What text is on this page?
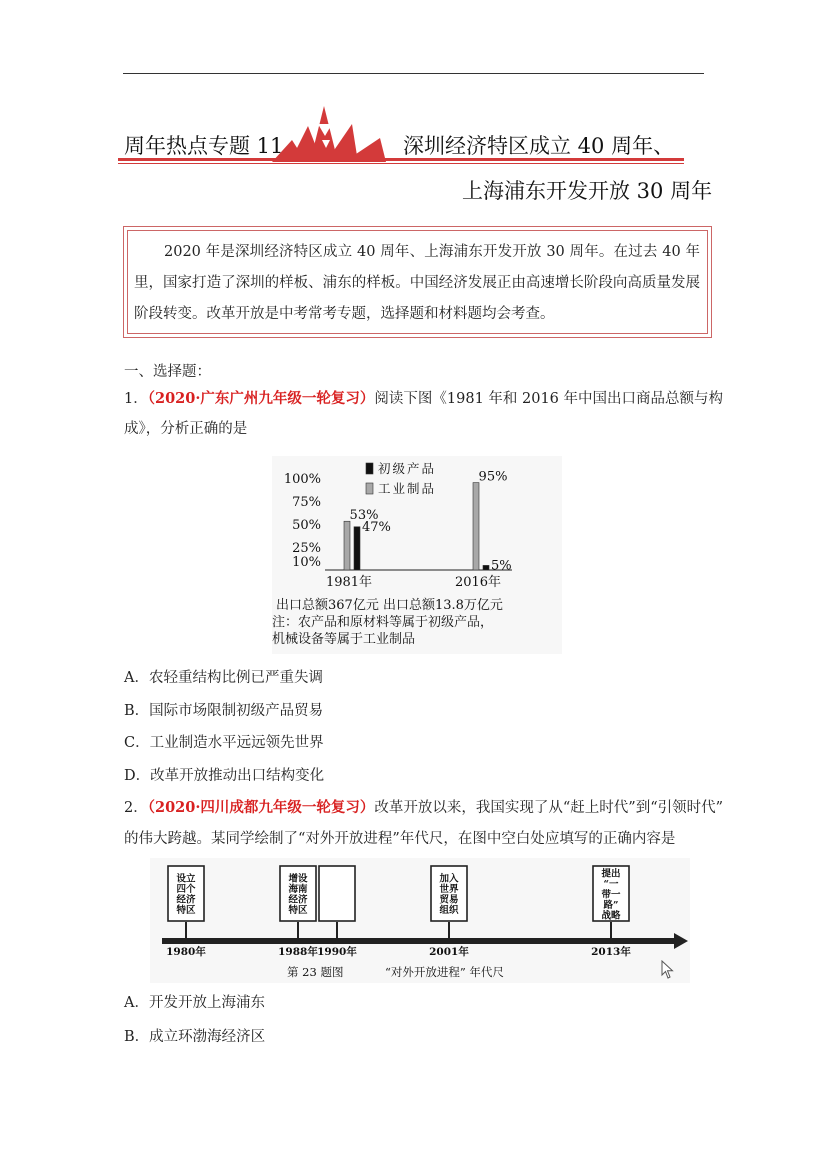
周年热点专题 11	深圳经济特区成立 40 周年、
上海浦东开发开放 30 周年
2020 年是深圳经济特区成立 40 周年、上海浦东开发开放 30 周年。在过去 40 年里，国家打造了深圳的样板、浦东的样板。中国经济发展正由高速增长阶段向高质量发展阶段转变。改革开放是中考常考专题，选择题和材料题均会考查。
一、选择题：
1．（2020·广东广州九年级一轮复习）阅读下图《1981 年和 2016 年中国出口商品总额与构
成》，分析正确的是
100%
75%
50%
25%
10%
1981年	2016年
47%
53%
5%
95%
初级产品
工业制品
出口总额367亿元 出口总额13.8万亿元
注：农产品和原材料等属于初级产品，
机械设备等属于工业制品
A．农轻重结构比例已严重失调
B．国际市场限制初级产品贸易
C．工业制造水平远远领先世界
D．改革开放推动出口结构变化
2．（2020·四川成都九年级一轮复习）改革开放以来，我国实现了从“赶上时代”到“引领时代”
的伟大跨越。某同学绘制了“对外开放进程”年代尺，在图中空白处应填写的正确内容是
1980年
设立四个经济特区
1988年
增设海南经济特区
1990年	2001年
加入世界贸易组织
2013年
提出“一带一路”战略
第 23 题图	“对外开放进程” 年代尺
A．开发开放上海浦东
B．成立环渤海经济区
